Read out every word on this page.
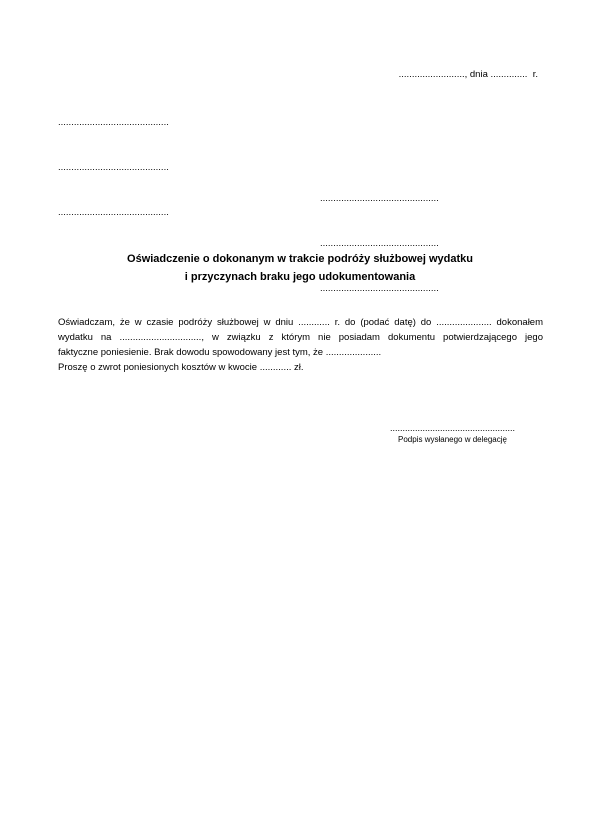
........................., dnia ..............  r.

..........................................

..........................................

..........................................

.............................................

.............................................

.............................................

Oświadczenie o dokonanym w trakcie podróży służbowej wydatku
i przyczynach braku jego udokumentowania
Oświadczam, że w czasie podróży służbowej w dniu ............ r. do (podać datę) do ..................... dokonałem
wydatku na ..............................., w związku z którym nie posiadam dokumentu potwierdzającego jego
faktyczne poniesienie. Brak dowodu spowodowany jest tym, że .....................
Proszę o zwrot poniesionych kosztów w kwocie ............ zł.
..................................................
Podpis wysłanego w delegację
